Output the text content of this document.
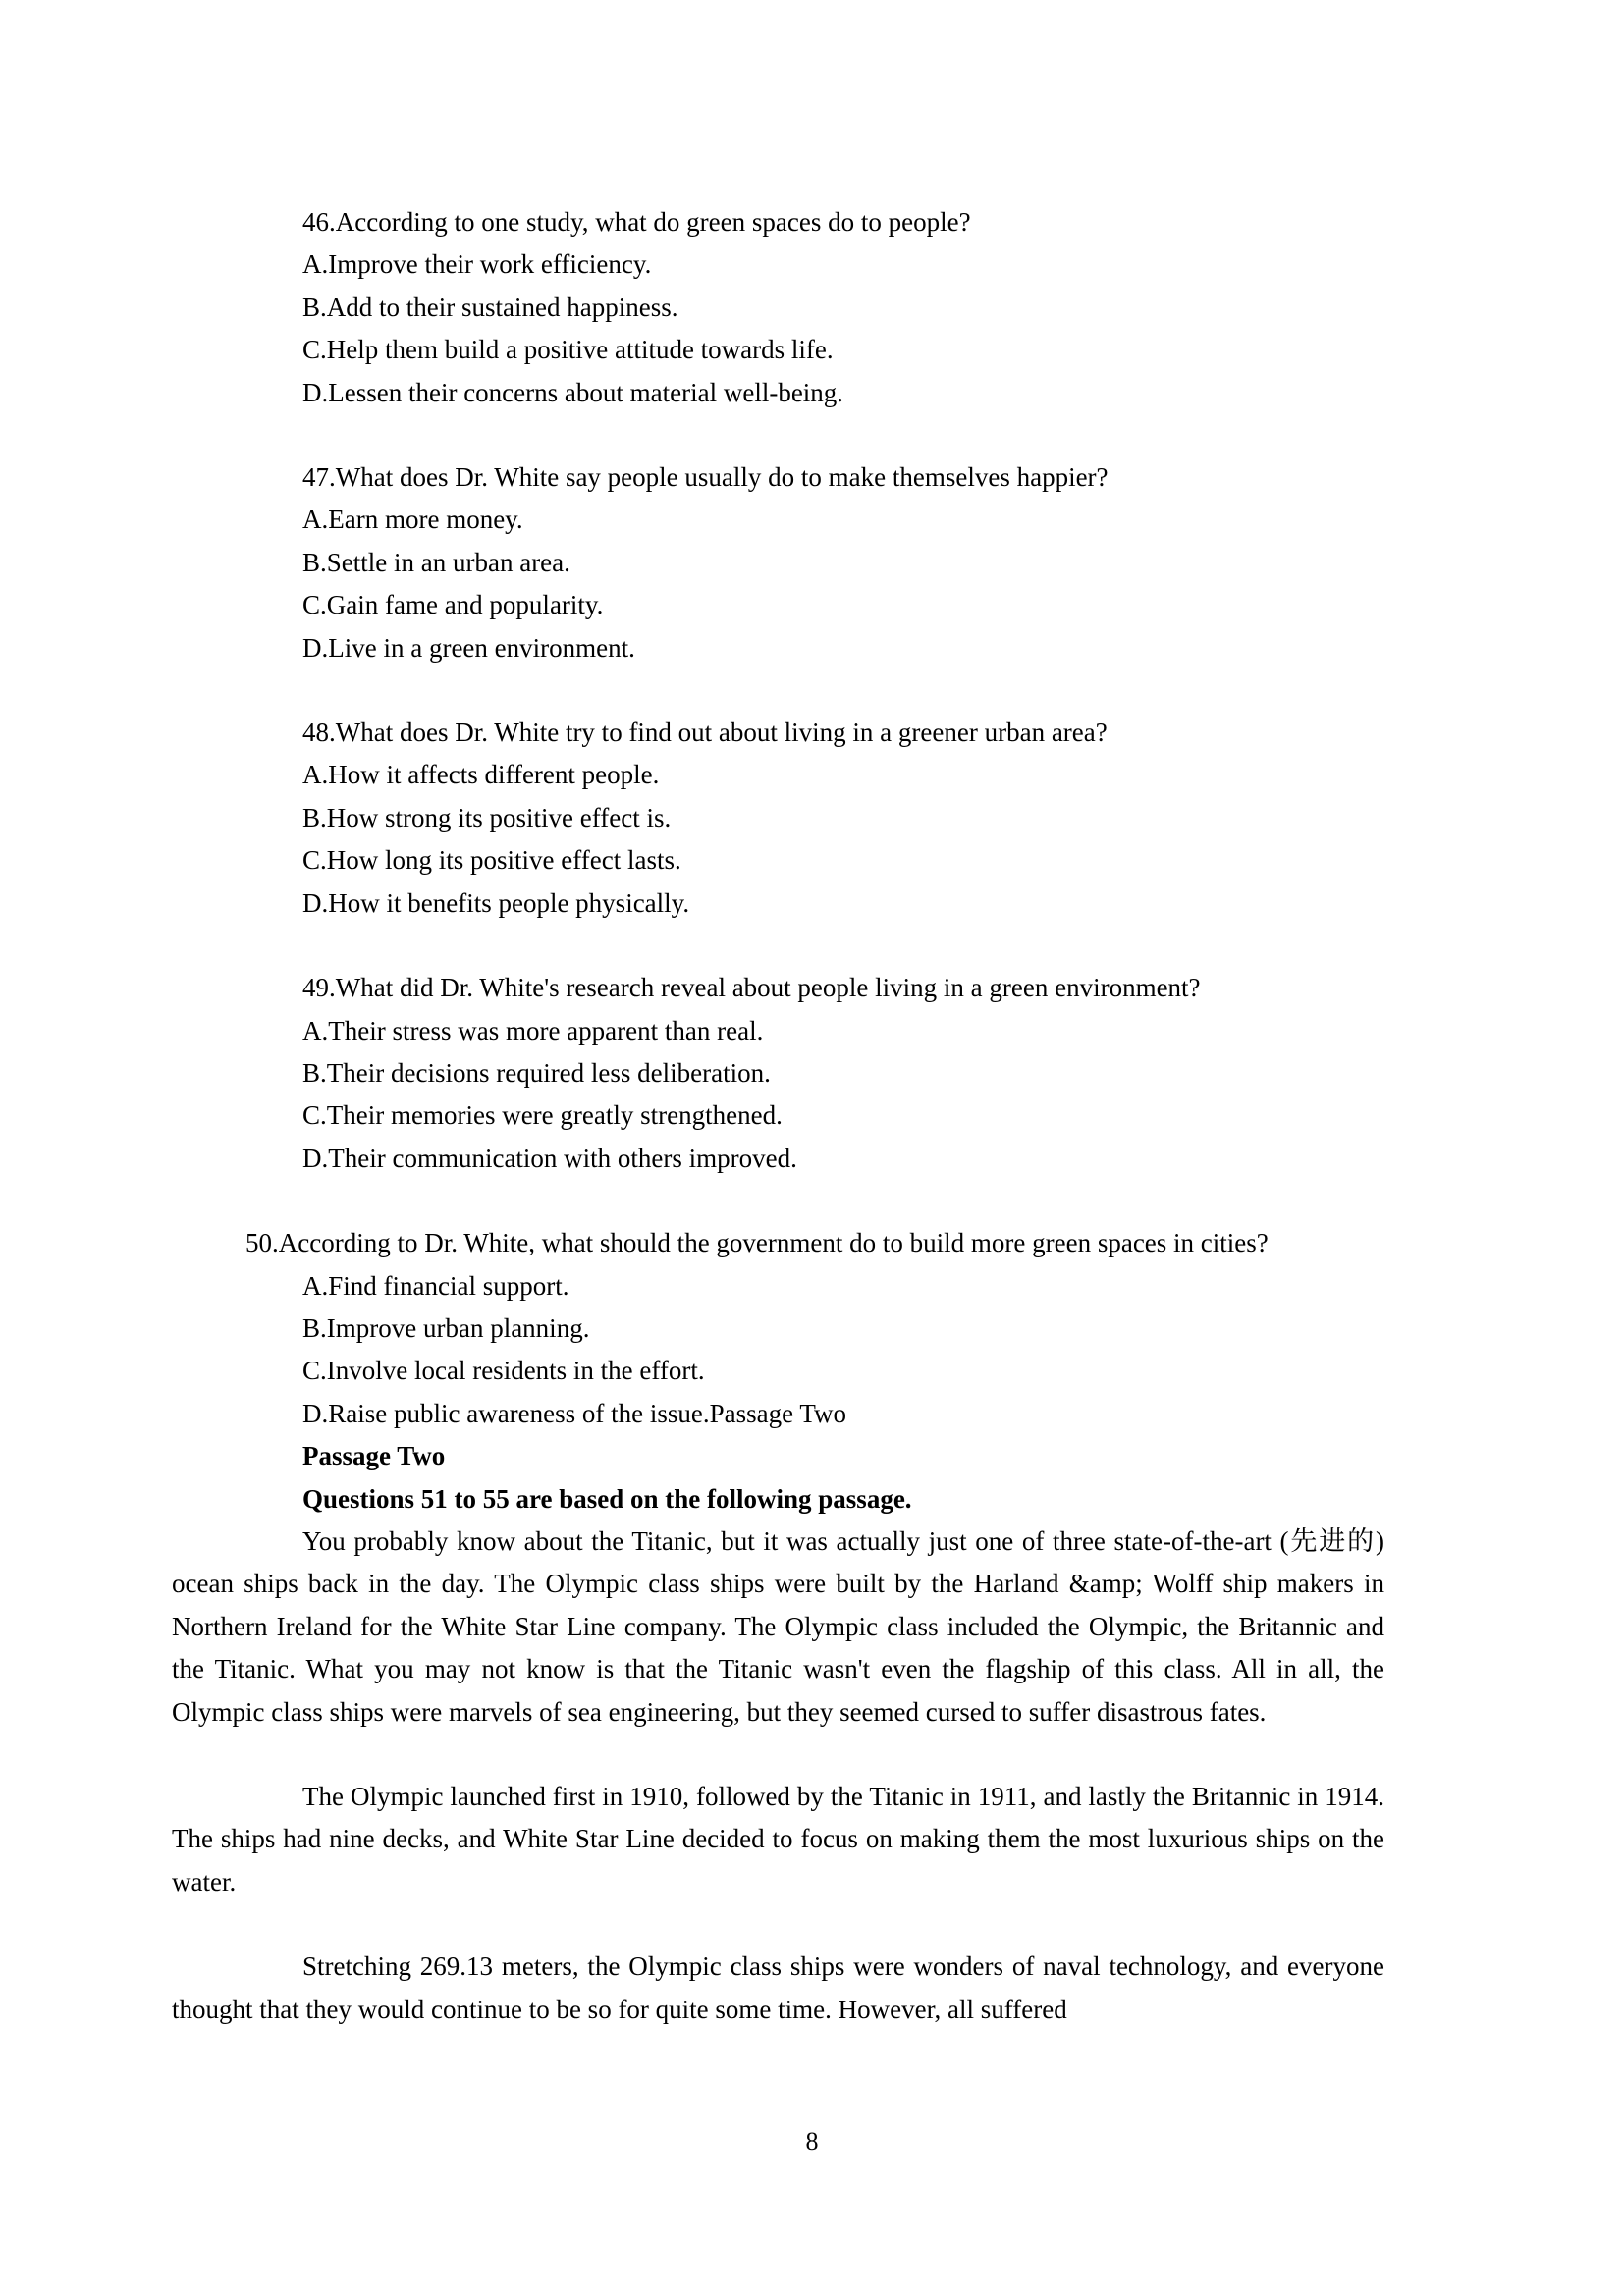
46.According to one study, what do green spaces do to people?
A.Improve their work efficiency.
B.Add to their sustained happiness.
C.Help them build a positive attitude towards life.
D.Lessen their concerns about material well-being.
47.What does Dr. White say people usually do to make themselves happier?
A.Earn more money.
B.Settle in an urban area.
C.Gain fame and popularity.
D.Live in a green environment.
48.What does Dr. White try to find out about living in a greener urban area?
A.How it affects different people.
B.How strong its positive effect is.
C.How long its positive effect lasts.
D.How it benefits people physically.
49.What did Dr. White's research reveal about people living in a green environment?
A.Their stress was more apparent than real.
B.Their decisions required less deliberation.
C.Their memories were greatly strengthened.
D.Their communication with others improved.
50.According to Dr. White, what should the government do to build more green spaces in cities?
A.Find financial support.
B.Improve urban planning.
C.Involve local residents in the effort.
D.Raise public awareness of the issue.Passage Two
Passage Two
Questions 51 to 55 are based on the following passage.
You probably know about the Titanic, but it was actually just one of three state-of-the-art (先进的) ocean ships back in the day. The Olympic class ships were built by the Harland &amp; Wolff ship makers in Northern Ireland for the White Star Line company. The Olympic class included the Olympic, the Britannic and the Titanic. What you may not know is that the Titanic wasn't even the flagship of this class. All in all, the Olympic class ships were marvels of sea engineering, but they seemed cursed to suffer disastrous fates.
The Olympic launched first in 1910, followed by the Titanic in 1911, and lastly the Britannic in 1914. The ships had nine decks, and White Star Line decided to focus on making them the most luxurious ships on the water.
Stretching 269.13 meters, the Olympic class ships were wonders of naval technology, and everyone thought that they would continue to be so for quite some time. However, all suffered
8
